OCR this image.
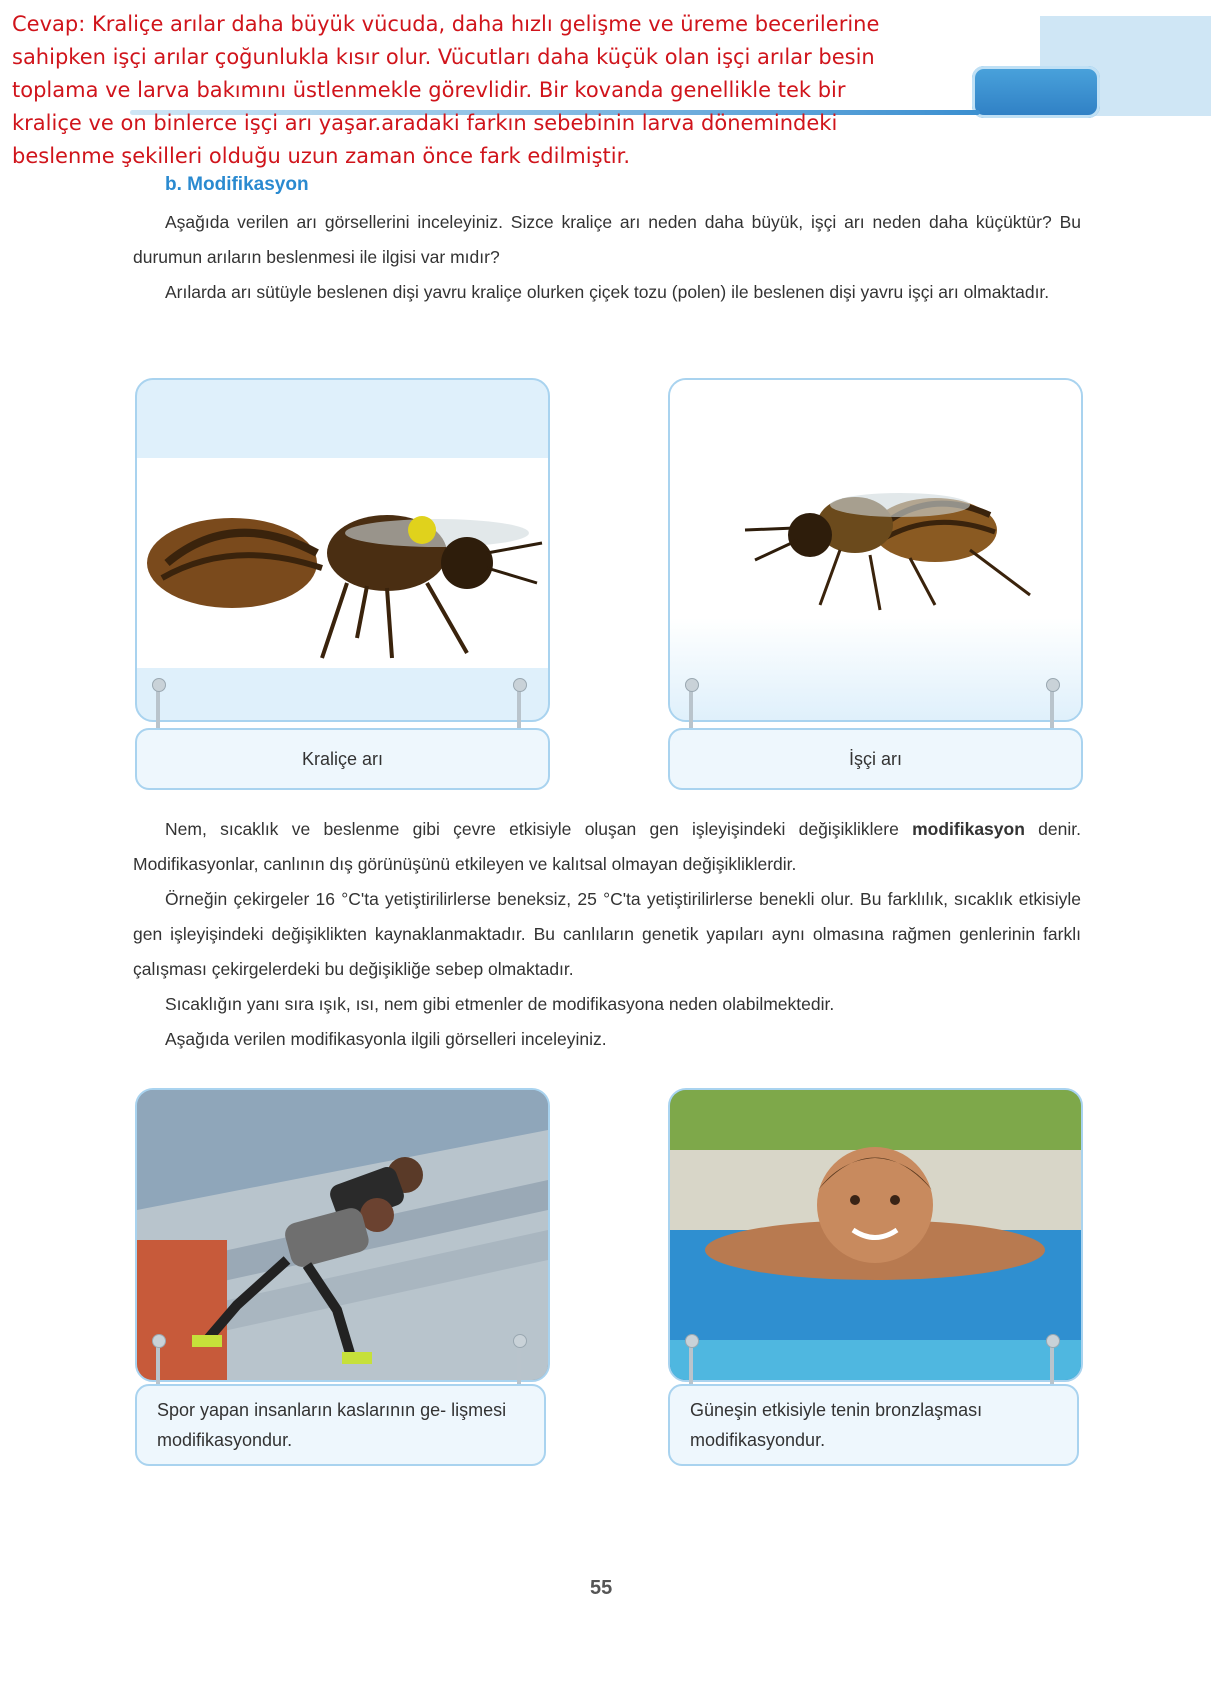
Cevap: Kraliçe arılar daha büyük vücuda, daha hızlı gelişme ve üreme becerilerine sahipken işçi arılar çoğunlukla kısır olur. Vücutları daha küçük olan işçi arılar besin toplama ve larva bakımını üstlenmekle görevlidir. Bir kovanda genellikle tek bir kraliçe ve on binlerce işçi arı yaşar.aradaki farkın sebebinin larva dönemindeki beslenme şekilleri olduğu uzun zaman önce fark edilmiştir.
b. Modifikasyon

Aşağıda verilen arı görsellerini inceleyiniz. Sizce kraliçe arı neden daha büyük, işçi arı neden daha küçüktür? Bu durumun arıların beslenmesi ile ilgisi var mıdır?

Arılarda arı sütüyle beslenen dişi yavru kraliçe olurken çiçek tozu (polen) ile beslenen dişi yavru işçi arı olmaktadır.

Kraliçe arı	İşçi arı

Nem, sıcaklık ve beslenme gibi çevre etkisiyle oluşan gen işleyişindeki değişikliklere modifikasyon denir. Modifikasyonlar, canlının dış görünüşünü etkileyen ve kalıtsal olmayan değişikliklerdir.

Örneğin çekirgeler 16 °C'ta yetiştirilirlerse beneksiz, 25 °C'ta yetiştirilirlerse benekli olur. Bu farklılık, sıcaklık etkisiyle gen işleyişindeki değişiklikten kaynaklanmaktadır. Bu canlıların genetik yapıları aynı olmasına rağmen genlerinin farklı çalışması çekirgelerdeki bu değişikliğe sebep olmaktadır.

Sıcaklığın yanı sıra ışık, ısı, nem gibi etmenler de modifikasyona neden olabilmektedir.

Aşağıda verilen modifikasyonla ilgili görselleri inceleyiniz.

Spor yapan insanların kaslarının ge- lişmesi modifikasyondur.
Güneşin etkisiyle tenin bronzlaşması modifikasyondur.
55
